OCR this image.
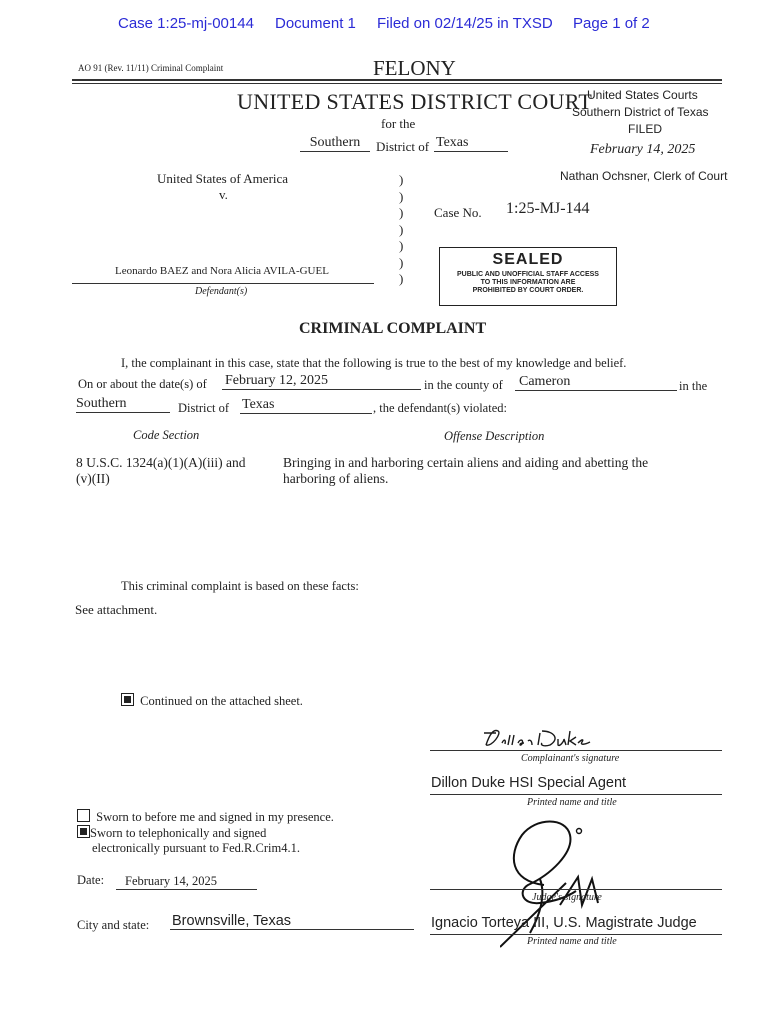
Case 1:25-mj-00144 Document 1 Filed on 02/14/25 in TXSD Page 1 of 2
AO 91 (Rev. 11/11) Criminal Complaint	FELONY
UNITED STATES DISTRICT COURT
for the
Southern	District of Texas
United States Courts
Southern District of Texas
FILED
February 14, 2025
Nathan Ochsner, Clerk of Court
United States of America
v.
)
)
)
)
)
)
)
Case No. 1:25-MJ-144
Leonardo BAEZ and Nora Alicia AVILA-GUEL
Defendant(s)
SEALED
PUBLIC AND UNOFFICIAL STAFF ACCESS
TO THIS INFORMATION ARE
PROHIBITED BY COURT ORDER.
CRIMINAL COMPLAINT
I, the complainant in this case, state that the following is true to the best of my knowledge and belief.
On or about the date(s) of February 12, 2025	in the county of Cameron	in the
Southern	District of Texas	, the defendant(s) violated:
Code Section	Offense Description
8 U.S.C. 1324(a)(1)(A)(iii) and
(v)(II)
Bringing in and harboring certain aliens and aiding and abetting the
harboring of aliens.
This criminal complaint is based on these facts:
See attachment.
Continued on the attached sheet.
Complainant's signature
Dillon Duke HSI Special Agent
Printed name and title
Sworn to before me and signed in my presence.
Sworn to telephonically and signed
electronically pursuant to Fed.R.Crim4.1.
Date:	February 14, 2025
City and state: Brownsville, Texas
Judge's signature
Ignacio Torteya III, U.S. Magistrate Judge
Printed name and title
